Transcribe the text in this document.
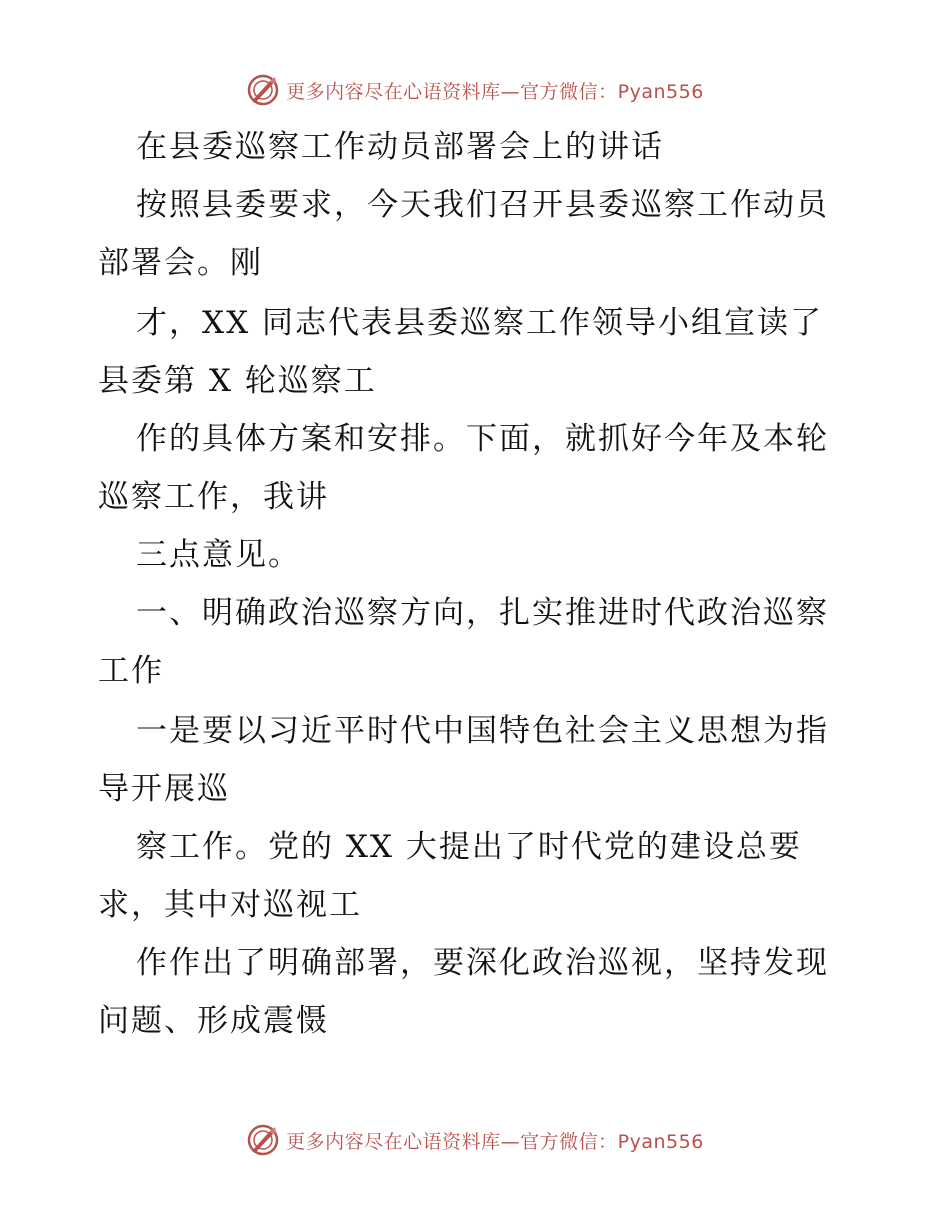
更多内容尽在心语资料库—官方微信：Pyan556
在县委巡察工作动员部署会上的讲话
按照县委要求，今天我们召开县委巡察工作动员
部署会。刚
才，XX 同志代表县委巡察工作领导小组宣读了
县委第 X 轮巡察工
作的具体方案和安排。下面，就抓好今年及本轮
巡察工作，我讲
三点意见。
一、明确政治巡察方向，扎实推进时代政治巡察
工作
一是要以习近平时代中国特色社会主义思想为指
导开展巡
察工作。党的 XX 大提出了时代党的建设总要
求，其中对巡视工
作作出了明确部署，要深化政治巡视，坚持发现
问题、形成震慑
更多内容尽在心语资料库—官方微信：Pyan556
